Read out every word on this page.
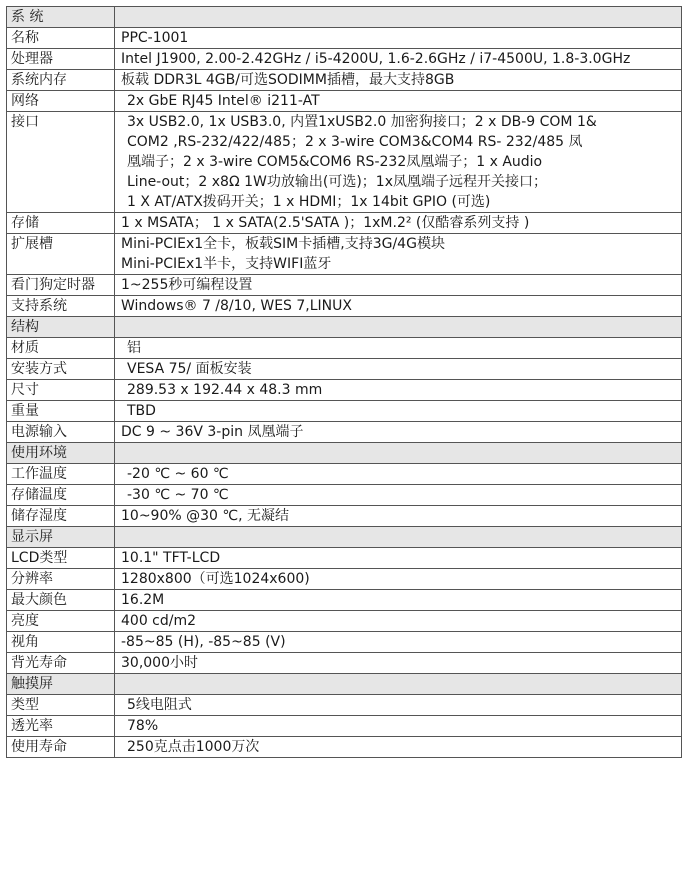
系 统	
名称	PPC-1001

处理器	Intel J1900, 2.00-2.42GHz / i5-4200U, 1.6-2.6GHz / i7-4500U, 1.8-3.0GHz

系统内存	板载 DDR3L 4GB/可选SODIMM插槽，最大支持8GB

网络	2x GbE RJ45 Intel® i211-AT

接口	3x USB2.0, 1x USB3.0, 内置1xUSB2.0 加密狗接口；2 x DB-9 COM 1&
COM2 ,RS-232/422/485；2 x 3-wire COM3&COM4 RS- 232/485 凤
凰端子；2 x 3-wire COM5&COM6 RS-232凤凰端子；1 x Audio
Line-out；2 x8Ω 1W功放输出(可选)；1x凤凰端子远程开关接口；
1 X AT/ATX拨码开关；1 x HDMI；1x 14bit GPIO (可选)

存储	1 x MSATA； 1 x SATA(2.5'SATA )；1xM.2² (仅酷睿系列支持 )

扩展槽	Mini-PCIEx1全卡，板载SIM卡插槽,支持3G/4G模块
Mini-PCIEx1半卡，支持WIFI蓝牙

看门狗定时器	1~255秒可编程设置

支持系统	Windows® 7 /8/10, WES 7,LINUX

结构	
材质	铝

安装方式	VESA 75/ 面板安装

尺寸	289.53 x 192.44 x 48.3 mm

重量	TBD

电源输入	DC 9 ~ 36V 3-pin 凤凰端子

使用环境	
工作温度	-20 ℃ ~ 60 ℃

存储温度	-30 ℃ ~ 70 ℃

储存湿度	10~90% @30 ℃, 无凝结

显示屏	
LCD类型	10.1" TFT-LCD

分辨率	1280x800（可选1024x600)

最大颜色	16.2M

亮度	400 cd/m2

视角	-85~85 (H), -85~85 (V)

背光寿命	30,000小时

触摸屏	
类型	5线电阻式

透光率	78%

使用寿命	250克点击1000万次
